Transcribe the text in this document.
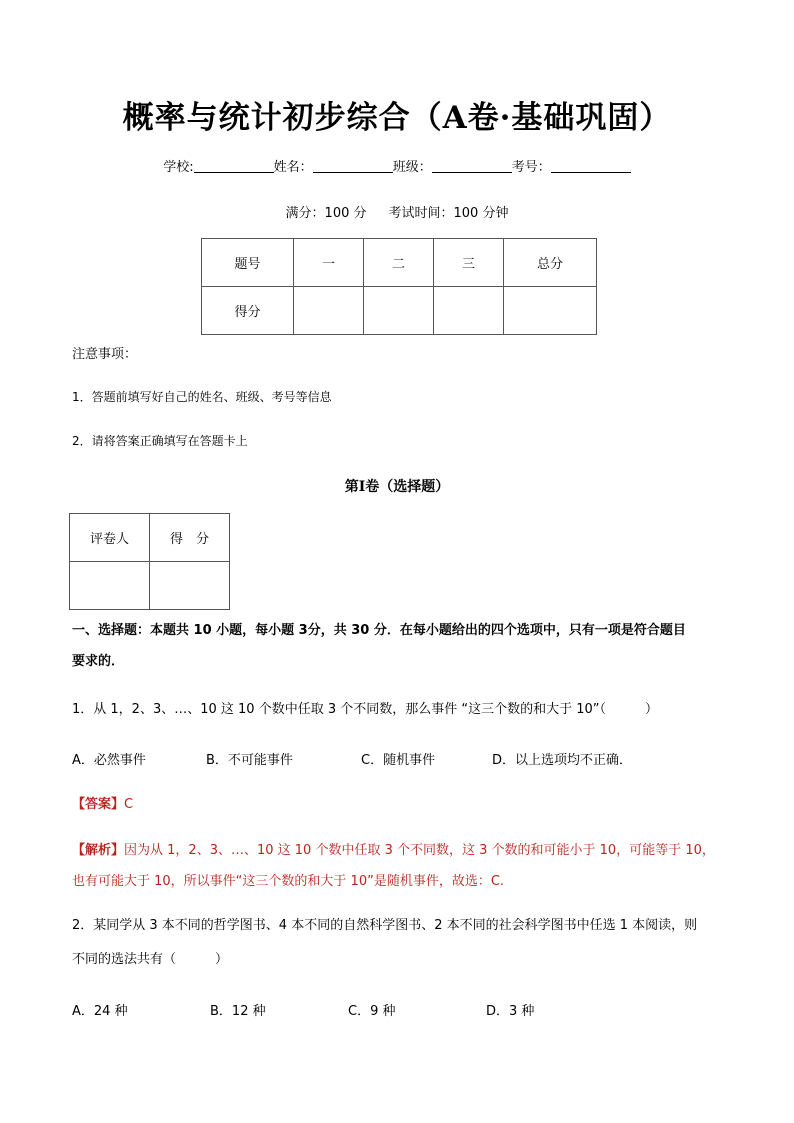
概率与统计初步综合（A卷·基础巩固）
学校:	姓名：	班级：	考号：
满分：100 分 考试时间：100 分钟
题号	一	二	三	总分
得分				
注意事项：
1．答题前填写好自己的姓名、班级、考号等信息
2．请将答案正确填写在答题卡上
第Ⅰ卷（选择题）
评卷人	得　分

一、选择题：本题共 10 小题，每小题 3分，共 30 分．在每小题给出的四个选项中，只有一项是符合题目
要求的．
1．从 1，2、3、…、10 这 10 个数中任取 3 个不同数，那么事件 “这三个数的和大于 10”（　　　）
A．必然事件	B．不可能事件	C．随机事件	D．以上选项均不正确．
【答案】C
【解析】因为从 1，2、3、…、10 这 10 个数中任取 3 个不同数，这 3 个数的和可能小于 10，可能等于 10，
也有可能大于 10，所以事件“这三个数的和大于 10”是随机事件，故选：C.
2．某同学从 3 本不同的哲学图书、4 本不同的自然科学图书、2 本不同的社会科学图书中任选 1 本阅读，则
不同的选法共有（　　　）
A．24 种	B．12 种	C．9 种	D．3 种
